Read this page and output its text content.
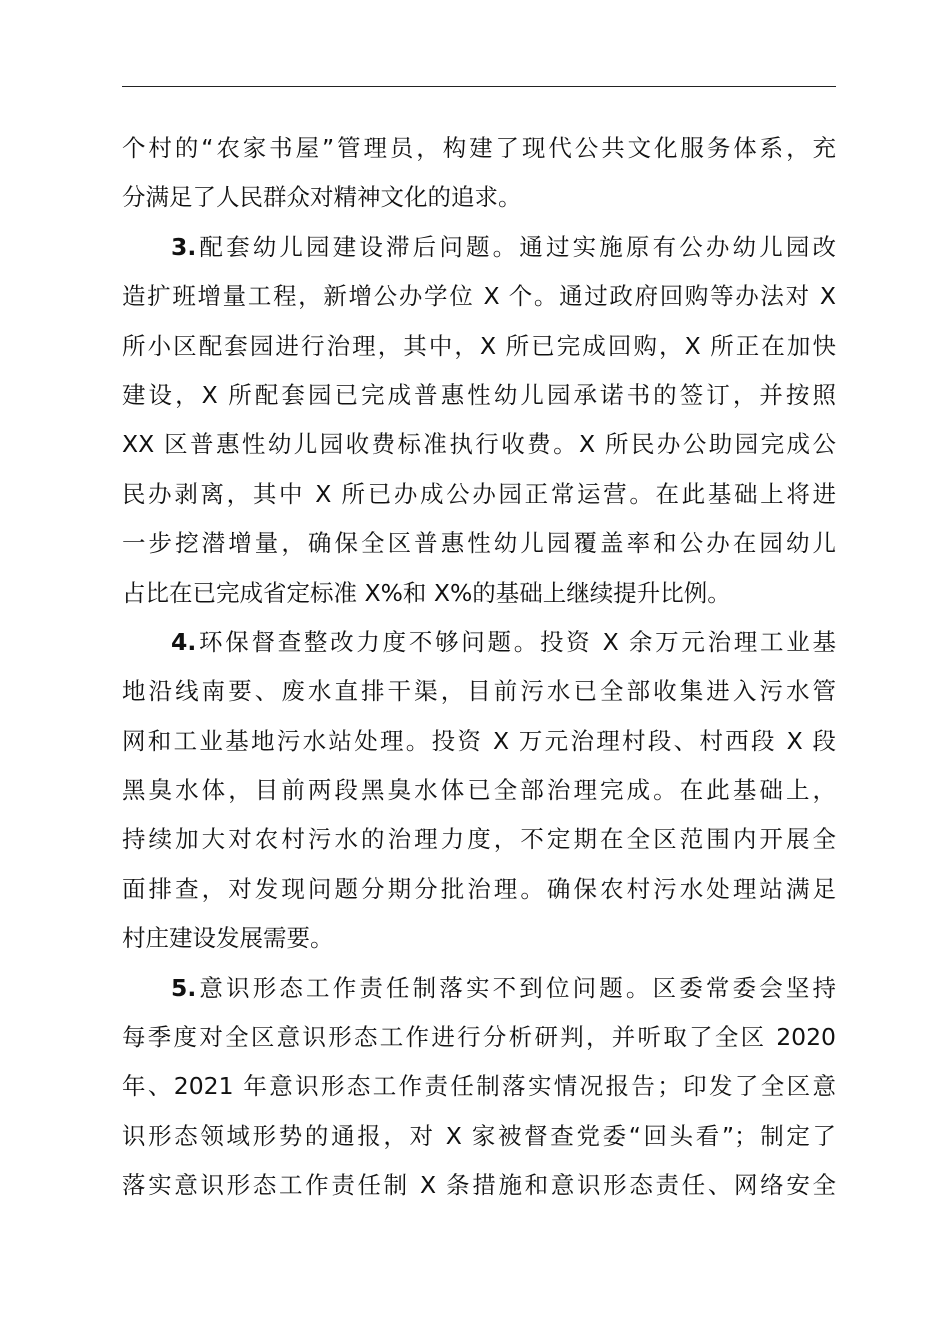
个村的“农家书屋”管理员，构建了现代公共文化服务体系，充
分满足了人民群众对精神文化的追求。
3.配套幼儿园建设滞后问题。通过实施原有公办幼儿园改
造扩班增量工程，新增公办学位 X 个。通过政府回购等办法对 X
所小区配套园进行治理，其中，X 所已完成回购，X 所正在加快
建设，X 所配套园已完成普惠性幼儿园承诺书的签订，并按照
XX 区普惠性幼儿园收费标准执行收费。X 所民办公助园完成公
民办剥离，其中 X 所已办成公办园正常运营。在此基础上将进
一步挖潜增量，确保全区普惠性幼儿园覆盖率和公办在园幼儿
占比在已完成省定标准 X%和 X%的基础上继续提升比例。
4.环保督查整改力度不够问题。投资 X 余万元治理工业基
地沿线南要、废水直排干渠，目前污水已全部收集进入污水管
网和工业基地污水站处理。投资 X 万元治理村段、村西段 X 段
黑臭水体，目前两段黑臭水体已全部治理完成。在此基础上，
持续加大对农村污水的治理力度，不定期在全区范围内开展全
面排查，对发现问题分期分批治理。确保农村污水处理站满足
村庄建设发展需要。
5.意识形态工作责任制落实不到位问题。区委常委会坚持
每季度对全区意识形态工作进行分析研判，并听取了全区 2020
年、2021 年意识形态工作责任制落实情况报告；印发了全区意
识形态领域形势的通报，对 X 家被督查党委“回头看”；制定了
落实意识形态工作责任制 X 条措施和意识形态责任、网络安全
